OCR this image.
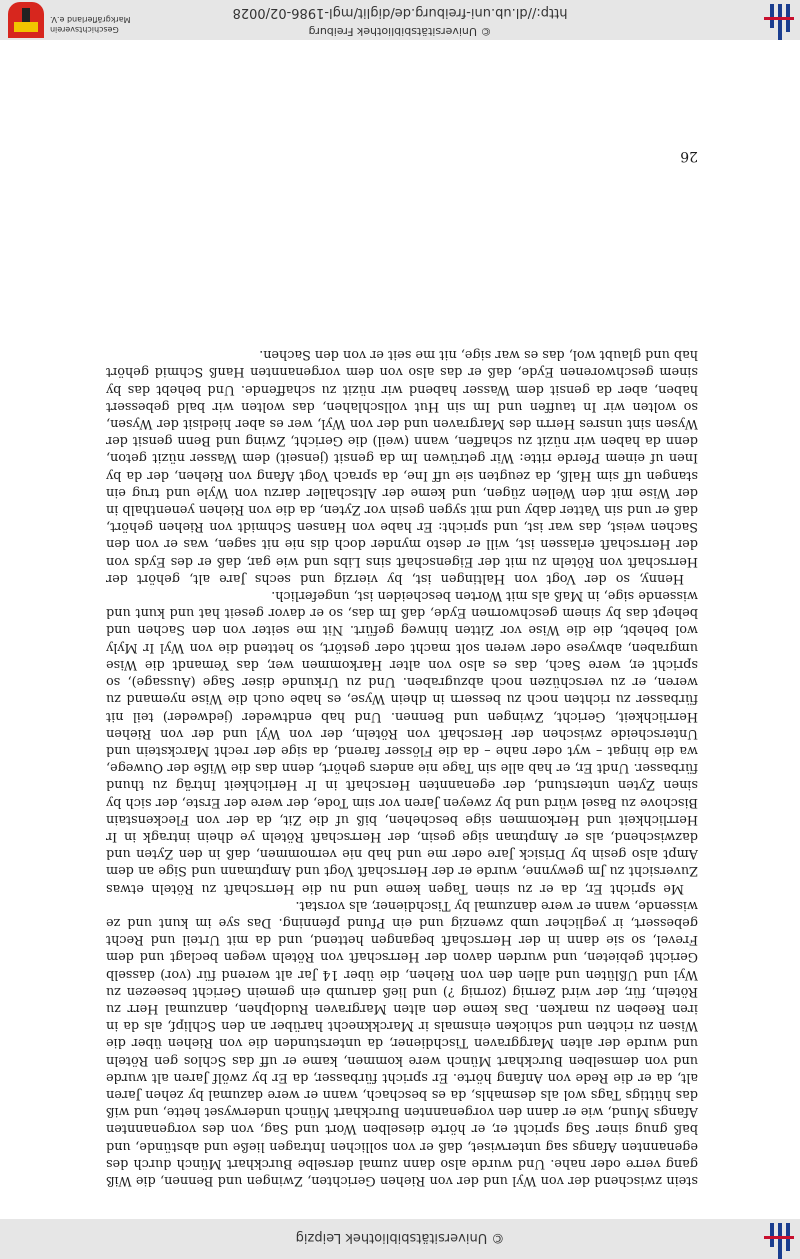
© Universitätsbibliothek Leipzig

stein zwischend der von Wyl und der von Riehen Gerichten, Zwingen und Bennen, die Wiß gang verre oder nahe. Und wurde also dann zumal derselbe Burckhart Münch durch des egenannten Afangs sag unterwiset, daß er von sollichen Intragen ließe und abstünde, und baß gnug siner Sag spricht er, er hörte dieselben Wort und Sag, von des vorgenannten Afangs Mund, wie er dann den vorgenannten Burckhart Münch underwyset hette, und wiß das hüttigs Tags wol als desmahls, da es beschach, wann er were dazumal by zehen Jaren alt, da er die Rede von Anfang hörte. Er spricht fürbasser, da Er by zwölf Jaren alt wurde und von demselben Burckhart Münch were kommen, kame er uff das Schlos gen Röteln und wurde der alten Marggraven Tischdiener, da unterstunden die von Riehen über die Wisen zu richten und schicken einsmals ir Marckknecht harüber an den Schlipf, als da in iren Reeben zu marken. Das keme den alten Margraven Rudolphen, danzumal Herr zu Röteln, für, der wird Zernig (zornig ?) und ließ darumb ein gemein Gericht beseezen zu Wyl und Ußlüten und allen den von Riehen, die über 14 Jar alt werend für (vor) dasselb Gericht gebieten, und wurden davon der Herrschaft von Röteln wegen beclagt und dem Frevel, so sie dann in der Herrschaft begangen hettend, und da mit Urteil und Recht gebessert, ir yeglicher umb zwenzig und ein Pfund pfenning. Das sye im kunt und ze wissende, wann er were danzumal by Tischdiener, als vorstat.

Me spricht Er, da er zu sinen Tagen keme und nu die Herrschaft zu Röteln etwas Zuversicht zu Jm gewynne, wurde er der Herrschaft Vogt und Amptmann und Sige an dem Ampt also gesin by Drisick Jare oder me und hab nie vernommen, daß in den Zyten und dazwischend, als er Amptman sige gesin, der Herrschaft Röteln ye dhein intragk in Ir Herrlichkeit und Herkommen sige beschehen, biß uf die Zit, da der von Fleckenstain Bischove zu Basel würd und by zweyen Jaren vor sim Tode, der were der Erste, der sich by sinen Zyten unterstund, der egenannten Herschaft in Ir Herlichkeit Inträg zu thund fürbasser. Undt Er, er hab alle sin Tage nie anders gehört, denn das die Wiße der Ouwege, wa die hingat – wyt oder nahe – da die Flösser farend, da sige der recht Marckstein und Unterscheide zwischen der Herschaft von Röteln, der von Wyl und der von Riehen Herrlichkeit, Gericht, Zwingen und Bennen. Und hab endtweder (jedweder) teil nit fürbasser zu richten noch zu bessern in dhein Wyse, es habe ouch die Wise nyemand zu weren, er zu verschüzen noch abzugraben. Und zu Urkunde diser Sage (Aussage), so spricht er, were Sach, das es also von alter Harkommen wer, das Yemandt die Wise umgraben, abwyese oder weren solt macht oder gestört, so hettend die von Wyl Ir Myly wol behebt, die die Wise vor Zitten hinweg gefürt. Nit me seiter von den Sachen und behept das by sinem geschwornen Eyde, daß Im das, so er davor geseit hat und kunt und wissende sige, in Maß als mit Worten bescheiden ist, ungeferlich.

Henny, so der Vogt von Haltingen ist, by vierzig und sechs Jare alt, gehört der Herrschaft von Röteln zu mit der Eigenschaft sins Libs und wie gar, daß er des Eyds von der Herrschaft erlassen ist, will er desto mynder doch dis nie nit sagen, was er von den Sachen weist, das war ist, und spricht: Er habe von Hansen Schmidt von Riehen gehört, daß er und sin Vatter daby und mit sygen gesin vor Zyten, da die von Riehen yenenthalb in der Wise mit den Wellen zügen, und keme der Altschaller darzu von Wyle und trug ein stangen uff sim Halß, da zeugten sie uff Ine, da sprach Vogt Afang von Riehen, der da by Inen uf einem Pferde ritte: Wir getrüwen Im da gensit (jenseit) dem Wasser nüzit geton, denn da haben wir nüzit zu schaffen, wann (weil) die Gericht, Zwing und Benn gensit der Wysen sint unsres Herrn des Margraven und der von Wyl, wer es aber hiedisit der Wysen, so wolten wir In tauffen und Im sin Hut vollschlahen, das wolten wir bald gebessert haben, aber da gensit dem Wasser habend wir nüzit zu schaffende. Und behebt das by sinem geschworenen Eyde, daß er das also von dem vorgenannten Hanß Schmid gehört hab und glaubt wol, das es war sige, nit me seit er von den Sachen.

26
Geschichtsverein Markgräflerland e.V.
© Universitätsbibliothek Freiburg
http://dl.ub.uni-freiburg.de/diglit/mgl-1986-02/0028
